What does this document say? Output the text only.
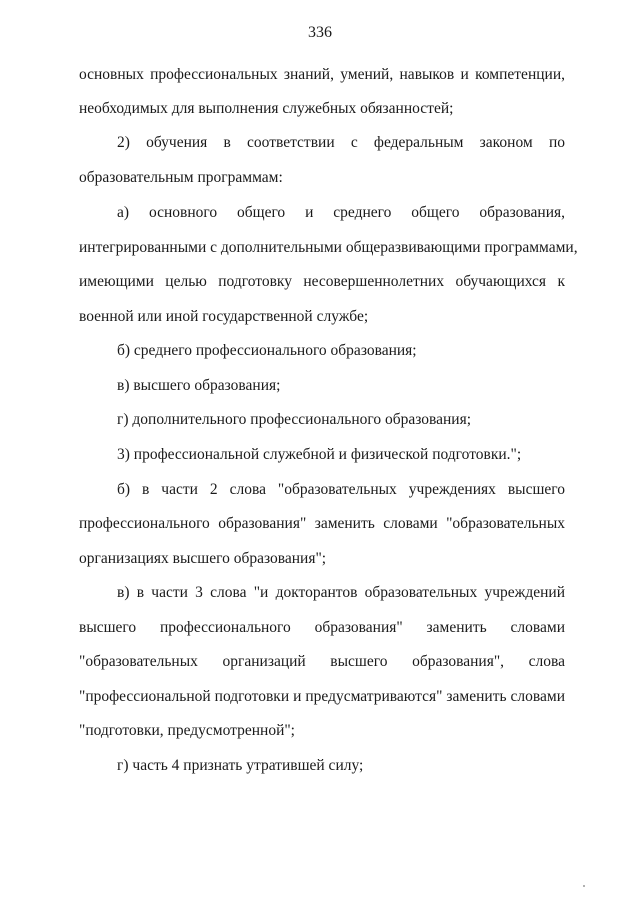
336
основных профессиональных знаний, умений, навыков и компетенции,
необходимых для выполнения служебных обязанностей;
2) обучения в соответствии с федеральным законом по
образовательным программам:
а) основного общего и среднего общего образования,
интегрированными с дополнительными общеразвивающими программами,
имеющими целью подготовку несовершеннолетних обучающихся к
военной или иной государственной службе;
б) среднего профессионального образования;
в) высшего образования;
г) дополнительного профессионального образования;
3) профессиональной служебной и физической подготовки.";
б) в части 2 слова "образовательных учреждениях высшего
профессионального образования" заменить словами "образовательных
организациях высшего образования";
в) в части 3 слова "и докторантов образовательных учреждений
высшего профессионального образования" заменить словами
"образовательных организаций высшего образования", слова
"профессиональной подготовки и предусматриваются" заменить словами
"подготовки, предусмотренной";
г) часть 4 признать утратившей силу;
